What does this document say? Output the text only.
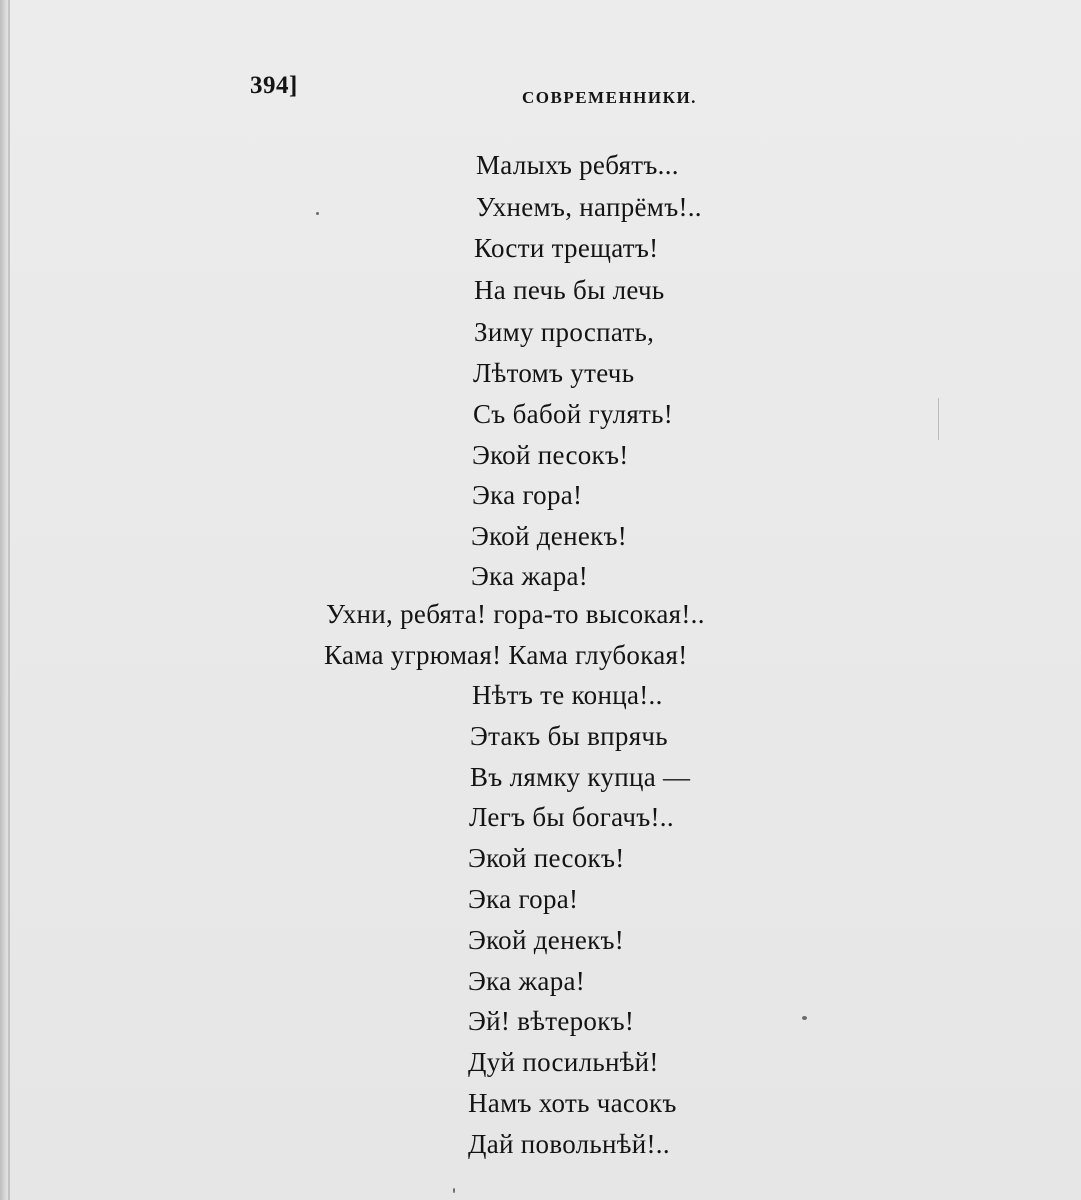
394]	СОВРЕМЕННИКИ.
Малыхъ ребятъ...
Ухнемъ, напрёмъ!..
Кости трещатъ!
На печь бы лечь
Зиму проспать,
Лѣтомъ утечь
Съ бабой гулять!
Экой песокъ!
Эка гора!
Экой денекъ!
Эка жара!
Ухни, ребята! гора-то высокая!..
Кама угрюмая! Кама глубокая!
Нѣтъ те конца!..
Этакъ бы впрячь
Въ лямку купца —
Легъ бы богачъ!..
Экой песокъ!
Эка гора!
Экой денекъ!
Эка жара!
Эй! вѣтерокъ!
Дуй посильнѣй!
Намъ хоть часокъ
Дай повольнѣй!..
